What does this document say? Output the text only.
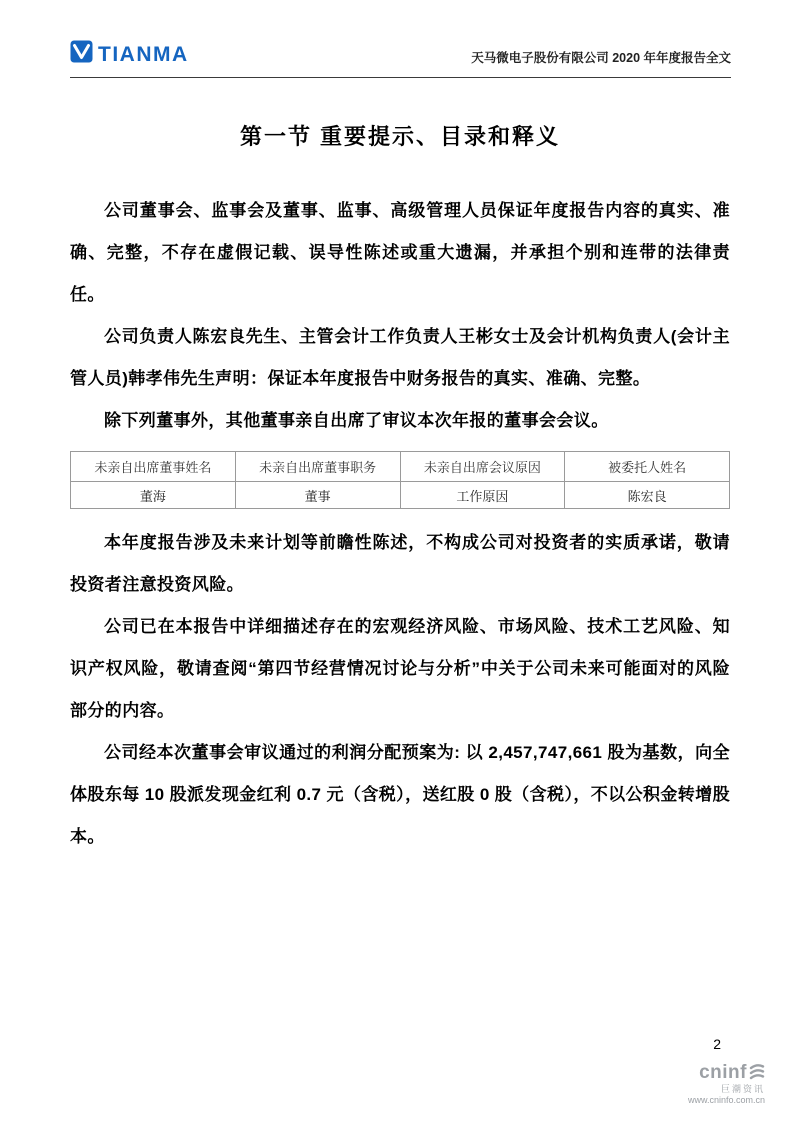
TIANMA	天马微电子股份有限公司 2020 年年度报告全文
第一节 重要提示、目录和释义

公司董事会、监事会及董事、监事、高级管理人员保证年度报告内容的真实、准确、完整，不存在虚假记载、误导性陈述或重大遗漏，并承担个别和连带的法律责任。

公司负责人陈宏良先生、主管会计工作负责人王彬女士及会计机构负责人(会计主管人员)韩孝伟先生声明：保证本年度报告中财务报告的真实、准确、完整。

除下列董事外，其他董事亲自出席了审议本次年报的董事会会议。

未亲自出席董事姓名	未亲自出席董事职务	未亲自出席会议原因	被委托人姓名
董海	董事	工作原因	陈宏良

本年度报告涉及未来计划等前瞻性陈述，不构成公司对投资者的实质承诺，敬请投资者注意投资风险。

公司已在本报告中详细描述存在的宏观经济风险、市场风险、技术工艺风险、知识产权风险，敬请查阅“第四节经营情况讨论与分析”中关于公司未来可能面对的风险部分的内容。

公司经本次董事会审议通过的利润分配预案为: 以 2,457,747,661 股为基数，向全体股东每 10 股派发现金红利 0.7 元（含税），送红股 0 股（含税），不以公积金转增股本。

2
cninf
巨潮资讯
www.cninfo.com.cn
